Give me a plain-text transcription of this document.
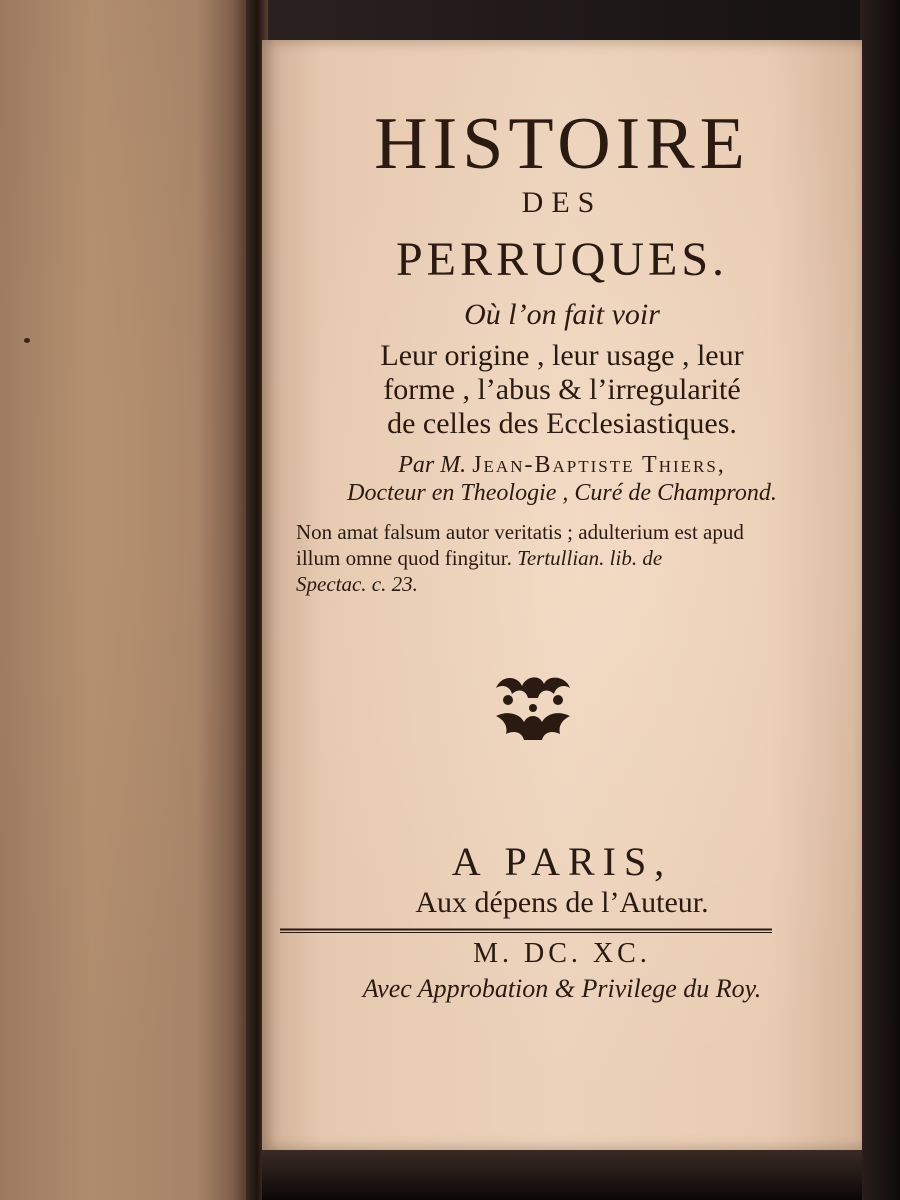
HISTOIRE

DES

PERRUQUES.

Où l’on fait voir

Leur origine , leur usage , leur

forme , l’abus & l’irregularité

de celles des Ecclesiastiques.

Par M. Jean-Baptiste Thiers,

Docteur en Theologie , Curé de Champrond.

Non amat falsum autor veritatis ; adulterium est apud

illum omne quod fingitur. Tertullian. lib. de

Spectac. c. 23.

A PARIS,

Aux dépens de l’Auteur.

M. DC. XC.

Avec Approbation & Privilege du Roy.
